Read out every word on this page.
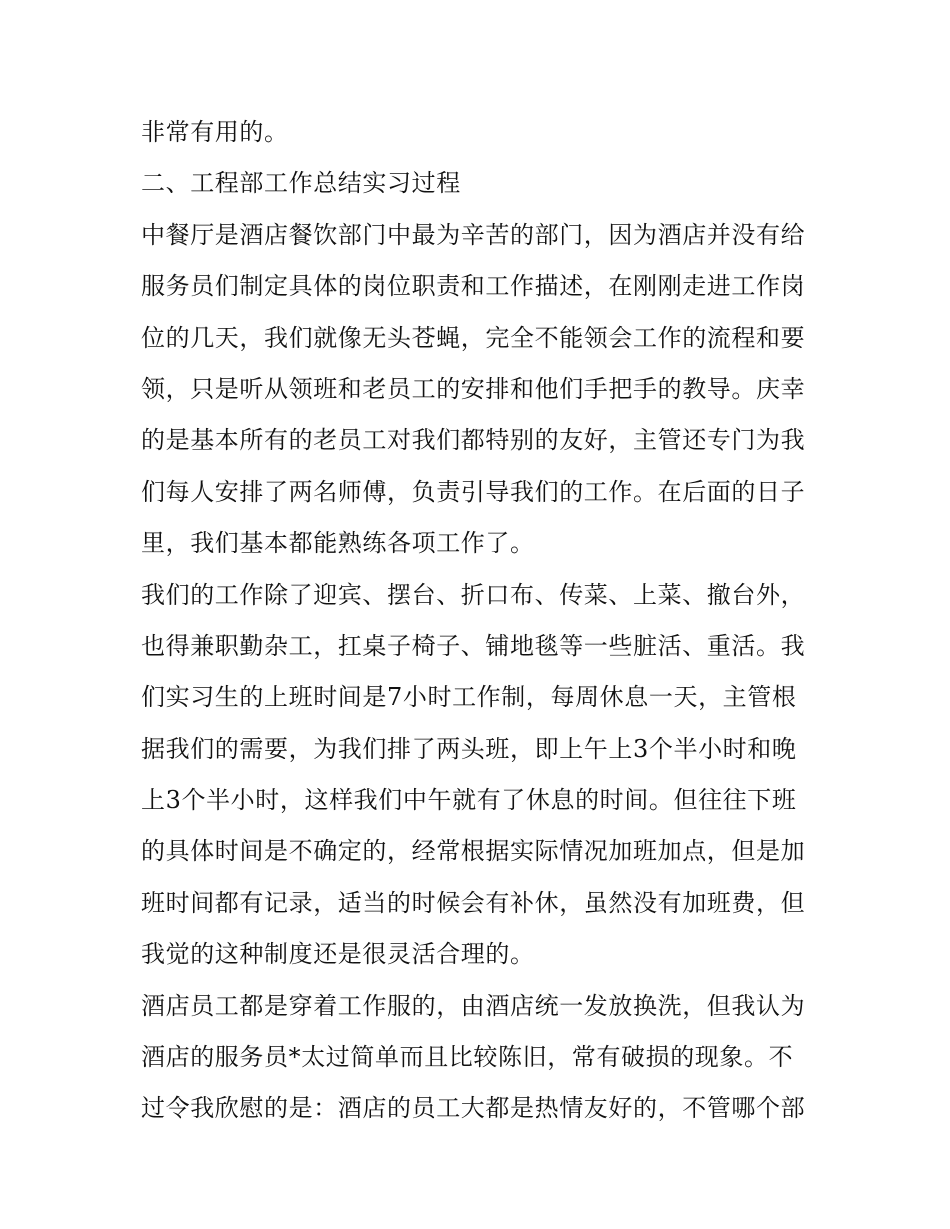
非常有用的。
二、工程部工作总结实习过程
中餐厅是酒店餐饮部门中最为辛苦的部门，因为酒店并没有给
服务员们制定具体的岗位职责和工作描述，在刚刚走进工作岗
位的几天，我们就像无头苍蝇，完全不能领会工作的流程和要
领，只是听从领班和老员工的安排和他们手把手的教导。庆幸
的是基本所有的老员工对我们都特别的友好，主管还专门为我
们每人安排了两名师傅，负责引导我们的工作。在后面的日子
里，我们基本都能熟练各项工作了。
我们的工作除了迎宾、摆台、折口布、传菜、上菜、撤台外，
也得兼职勤杂工，扛桌子椅子、铺地毯等一些脏活、重活。我
们实习生的上班时间是7小时工作制，每周休息一天，主管根
据我们的需要，为我们排了两头班，即上午上3个半小时和晚
上3个半小时，这样我们中午就有了休息的时间。但往往下班
的具体时间是不确定的，经常根据实际情况加班加点，但是加
班时间都有记录，适当的时候会有补休，虽然没有加班费，但
我觉的这种制度还是很灵活合理的。
酒店员工都是穿着工作服的，由酒店统一发放换洗，但我认为
酒店的服务员*太过简单而且比较陈旧，常有破损的现象。不
过令我欣慰的是：酒店的员工大都是热情友好的，不管哪个部
